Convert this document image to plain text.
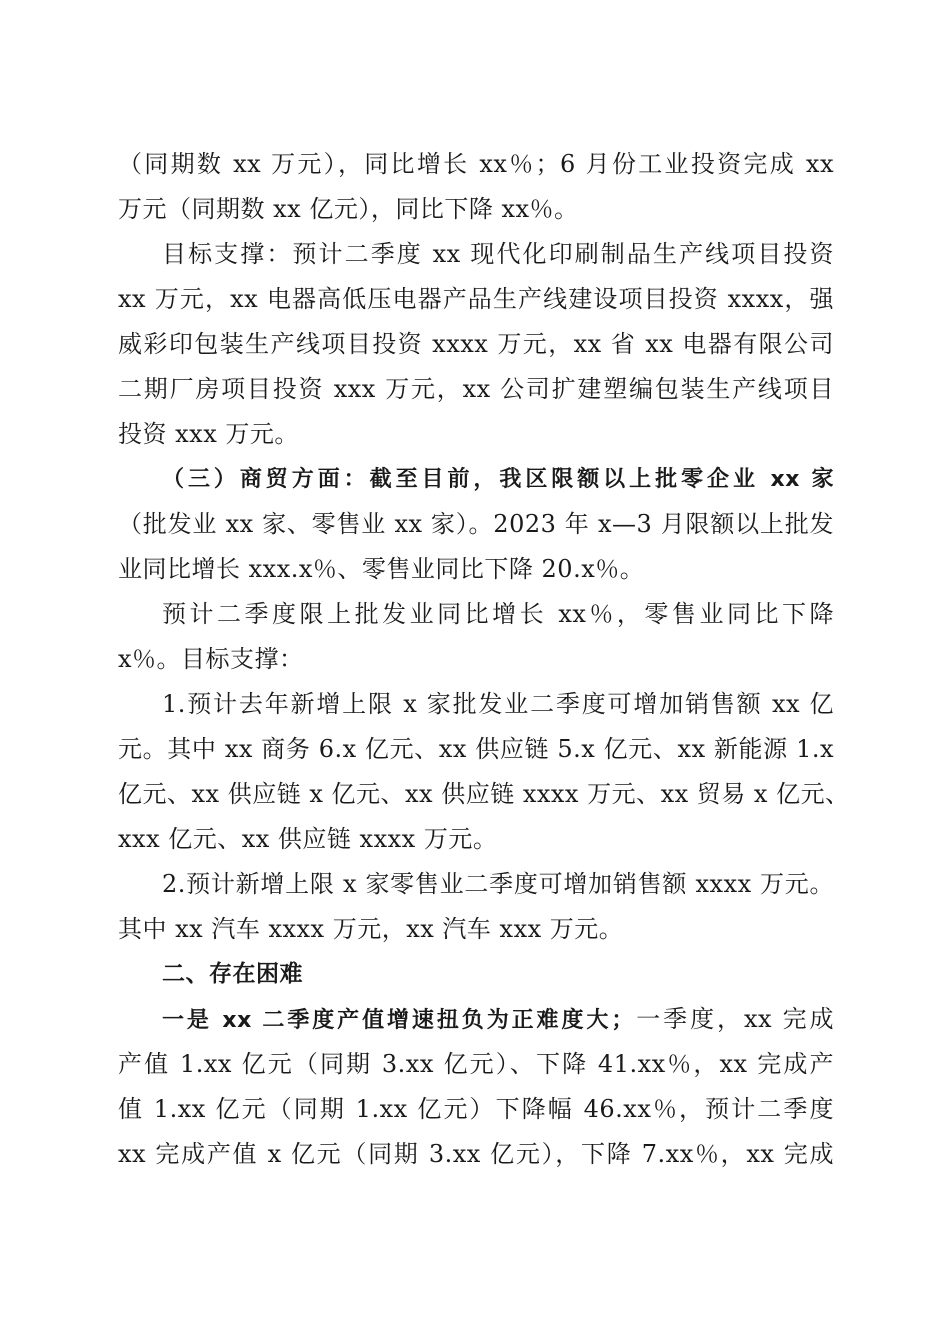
（同期数 xx 万元），同比增长 xx％；6 月份工业投资完成 xx
万元（同期数 xx 亿元），同比下降 xx％。
目标支撑：预计二季度 xx 现代化印刷制品生产线项目投资
xx 万元，xx 电器高低压电器产品生产线建设项目投资 xxxx，强
威彩印包装生产线项目投资 xxxx 万元，xx 省 xx 电器有限公司
二期厂房项目投资 xxx 万元，xx 公司扩建塑编包装生产线项目
投资 xxx 万元。
（三）商贸方面：截至目前，我区限额以上批零企业 xx 家
（批发业 xx 家、零售业 xx 家）。2023 年 x—3 月限额以上批发
业同比增长 xxx.x％、零售业同比下降 20.x％。
预计二季度限上批发业同比增长 xx％，零售业同比下降
x％。目标支撑：
1.预计去年新增上限 x 家批发业二季度可增加销售额 xx 亿
元。其中 xx 商务 6.x 亿元、xx 供应链 5.x 亿元、xx 新能源 1.x
亿元、xx 供应链 x 亿元、xx 供应链 xxxx 万元、xx 贸易 x 亿元、
xxx 亿元、xx 供应链 xxxx 万元。
2.预计新增上限 x 家零售业二季度可增加销售额 xxxx 万元。
其中 xx 汽车 xxxx 万元，xx 汽车 xxx 万元。
二、存在困难
一是 xx 二季度产值增速扭负为正难度大；一季度，xx 完成
产值 1.xx 亿元（同期 3.xx 亿元）、下降 41.xx％，xx 完成产
值 1.xx 亿元（同期 1.xx 亿元）下降幅 46.xx％，预计二季度
xx 完成产值 x 亿元（同期 3.xx 亿元），下降 7.xx％，xx 完成
